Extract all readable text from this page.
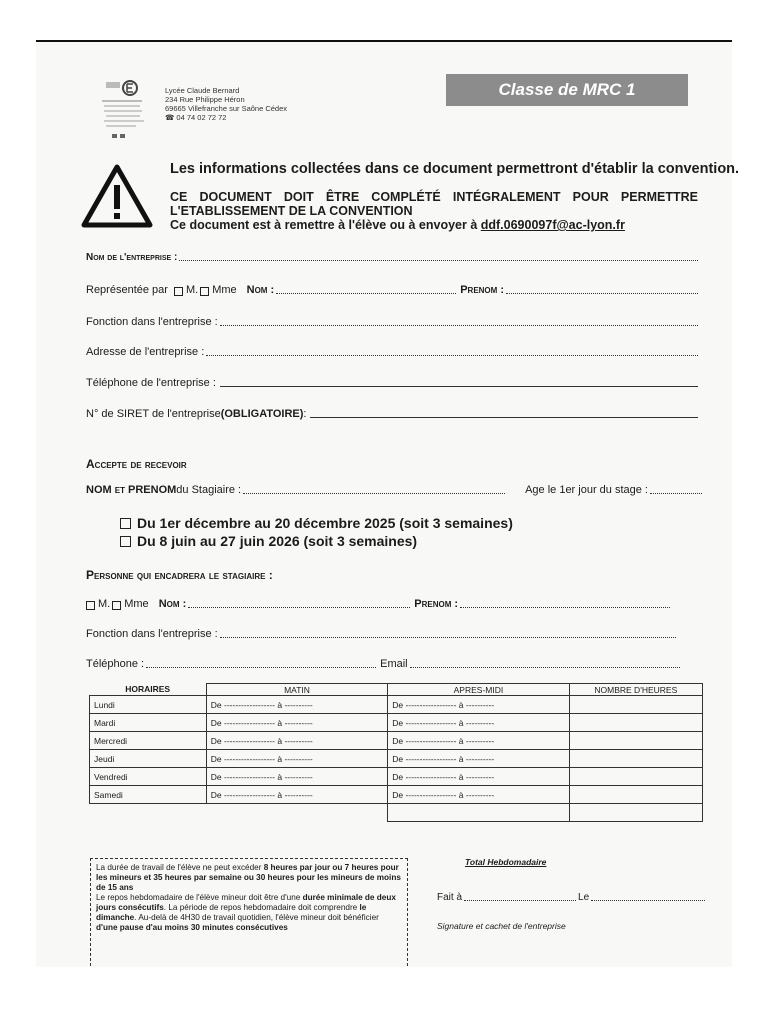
Lycée Claude Bernard
234 Rue Philippe Héron
69665 Villefranche sur Saône Cédex
☎ 04 74 02 72 72
Classe de MRC 1
Les informations collectées dans ce document permettront d'établir la convention.
CE DOCUMENT DOIT ÊTRE COMPLÉTÉ INTÉGRALEMENT POUR PERMETTRE
L'ETABLISSEMENT DE LA CONVENTION
Ce document est à remettre à l'élève ou à envoyer à ddf.0690097f@ac-lyon.fr
Nom de l'entreprise :
Représentée par M. Mme Nom :	Prenom :
Fonction dans l'entreprise :
Adresse de l'entreprise :
Téléphone de l'entreprise :
N° de SIRET de l'entreprise (OBLIGATOIRE) :
Accepte de recevoir
NOM et PRENOM du Stagiaire :	Age le 1er jour du stage :
Du 1er décembre au 20 décembre 2025 (soit 3 semaines)
Du 8 juin au 27 juin 2026 (soit 3 semaines)
Personne qui encadrera le stagiaire :
M. Mme Nom :	Prenom :
Fonction dans l'entreprise :
Téléphone :	Email
HORAIRES	MATIN	APRES-MIDI	NOMBRE D'HEURES
Lundi	De ------------------ à ----------	De ------------------ à ----------	
Mardi	De ------------------ à ----------	De ------------------ à ----------	
Mercredi	De ------------------ à ----------	De ------------------ à ----------	
Jeudi	De ------------------ à ----------	De ------------------ à ----------	
Vendredi	De ------------------ à ----------	De ------------------ à ----------	
Samedi	De ------------------ à ----------	De ------------------ à ----------	

Total Hebdomadaire
La durée de travail de l'élève ne peut excéder 8 heures par jour ou 7 heures pour les mineurs et 35 heures par semaine ou 30 heures pour les mineurs de moins de 15 ans
Le repos hebdomadaire de l'élève mineur doit être d'une durée minimale de deux jours consécutifs. La période de repos hebdomadaire doit comprendre le dimanche. Au-delà de 4H30 de travail quotidien, l'élève mineur doit bénéficier d'une pause d'au moins 30 minutes consécutives
Fait à	Le
Signature et cachet de l'entreprise
